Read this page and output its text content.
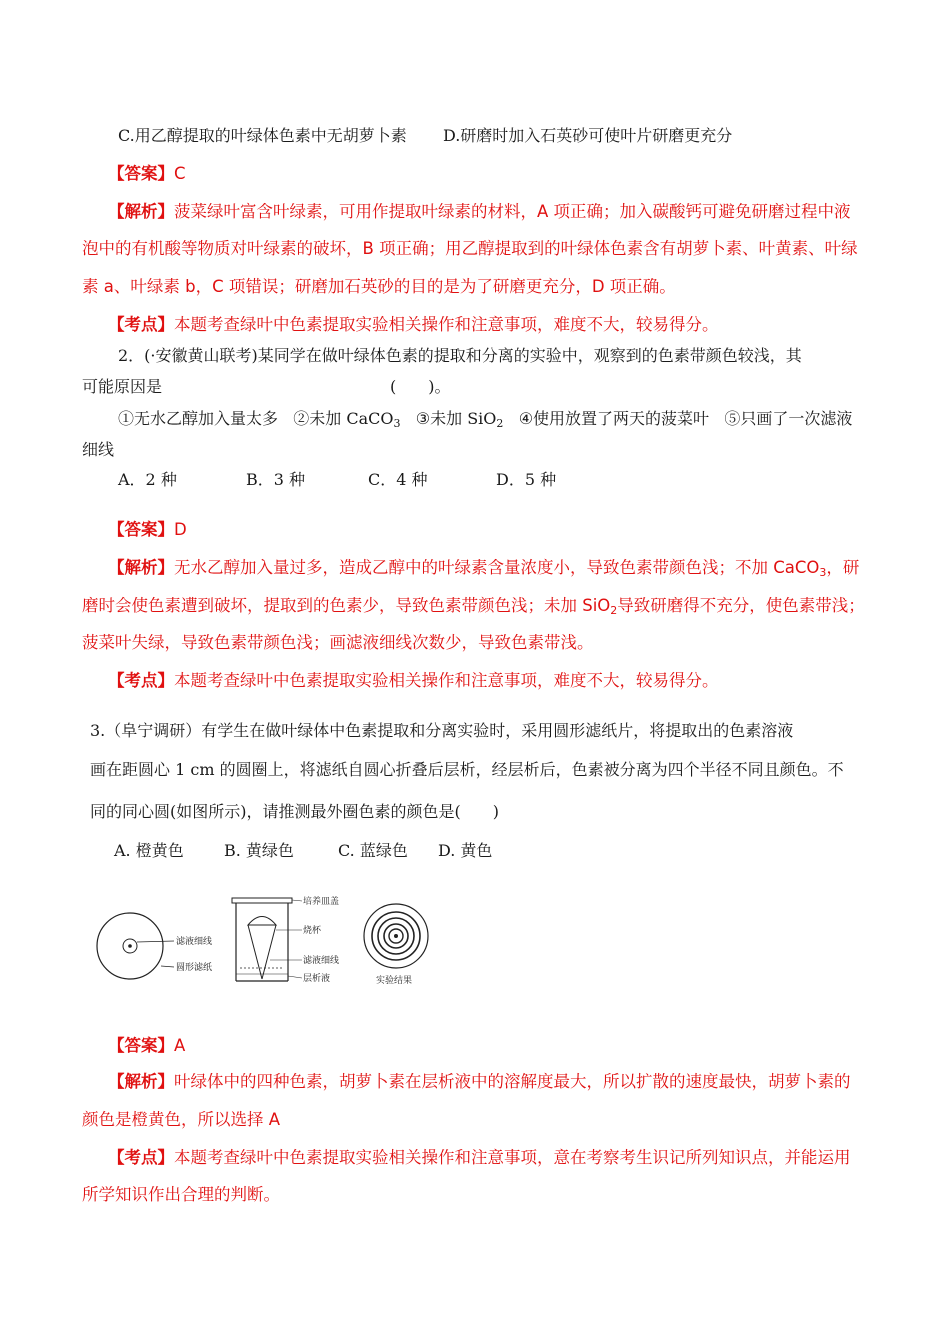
C.用乙醇提取的叶绿体色素中无胡萝卜素 D.研磨时加入石英砂可使叶片研磨更充分
【答案】C
【解析】菠菜绿叶富含叶绿素，可用作提取叶绿素的材料，A 项正确；加入碳酸钙可避免研磨过程中液
泡中的有机酸等物质对叶绿素的破坏，B 项正确；用乙醇提取到的叶绿体色素含有胡萝卜素、叶黄素、叶绿
素 a、叶绿素 b，C 项错误；研磨加石英砂的目的是为了研磨更充分，D 项正确。
【考点】本题考查绿叶中色素提取实验相关操作和注意事项，难度不大，较易得分。
2．(·安徽黄山联考)某同学在做叶绿体色素的提取和分离的实验中，观察到的色素带颜色较浅，其
可能原因是	(　　)。
①无水乙醇加入量太多 ②未加 CaCO$_3$ ③未加 SiO$_2$ ④使用放置了两天的菠菜叶 ⑤只画了一次滤液
细线
A．2 种	B．3 种	C．4 种	D．5 种
【答案】D
【解析】无水乙醇加入量过多，造成乙醇中的叶绿素含量浓度小，导致色素带颜色浅；不加 CaCO$_3$，研
磨时会使色素遭到破坏，提取到的色素少，导致色素带颜色浅；未加 SiO$_2$导致研磨得不充分，使色素带浅；
菠菜叶失绿，导致色素带颜色浅；画滤液细线次数少，导致色素带浅。
【考点】本题考查绿叶中色素提取实验相关操作和注意事项，难度不大，较易得分。
3.（阜宁调研）有学生在做叶绿体中色素提取和分离实验时，采用圆形滤纸片，将提取出的色素溶液
画在距圆心 1 cm 的圆圈上，将滤纸自圆心折叠后层析，经层析后，色素被分离为四个半径不同且颜色。不
同的同心圆(如图所示)，请推测最外圈色素的颜色是(　　)
A. 橙黄色	B. 黄绿色	C. 蓝绿色 D. 黄色
滤液细线
圆形滤纸
培养皿盖
烧杯
滤液细线
层析液	实验结果
【答案】A
【解析】叶绿体中的四种色素，胡萝卜素在层析液中的溶解度最大，所以扩散的速度最快，胡萝卜素的
颜色是橙黄色，所以选择 A
【考点】本题考查绿叶中色素提取实验相关操作和注意事项，意在考察考生识记所列知识点，并能运用
所学知识作出合理的判断。
